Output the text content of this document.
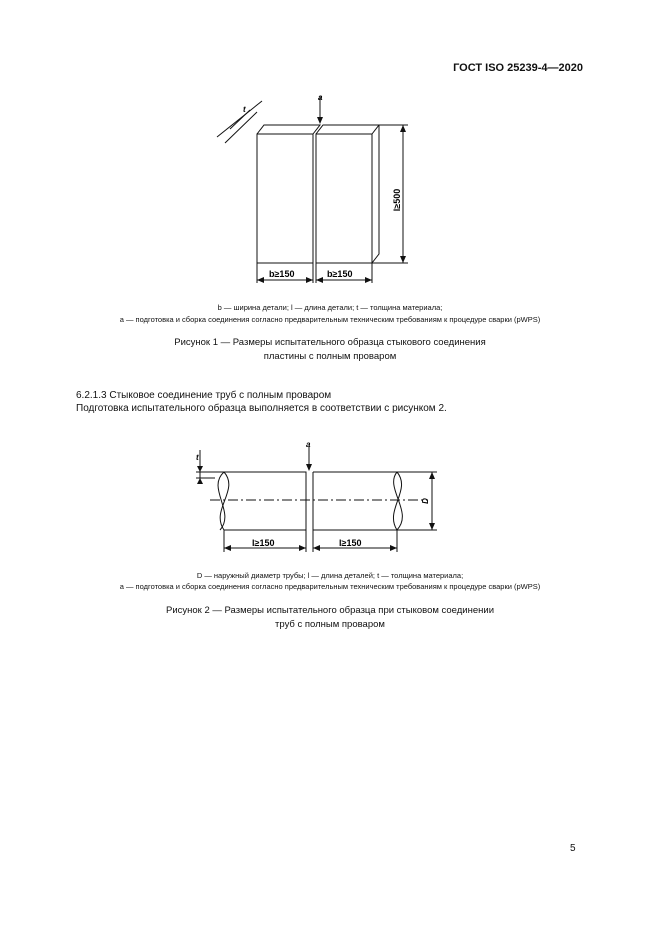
ГОСТ ISO 25239-4—2020
t
a
b≥150	b≥150
l≥500
b — ширина детали; l — длина детали; t — толщина материала;
a — подготовка и сборка соединения согласно предварительным техническим требованиям к процедуре сварки (pWPS)
Рисунок 1 — Размеры испытательного образца стыкового соединения
пластины с полным проваром
6.2.1.3 Стыковое соединение труб с полным проваром
Подготовка испытательного образца выполняется в соответствии с рисунком 2.
t
a
l≥150	l≥150
D
D — наружный диаметр трубы; l — длина деталей; t — толщина материала;
a — подготовка и сборка соединения согласно предварительным техническим требованиям к процедуре сварки (pWPS)
Рисунок 2 — Размеры испытательного образца при стыковом соединении
труб с полным проваром
5
